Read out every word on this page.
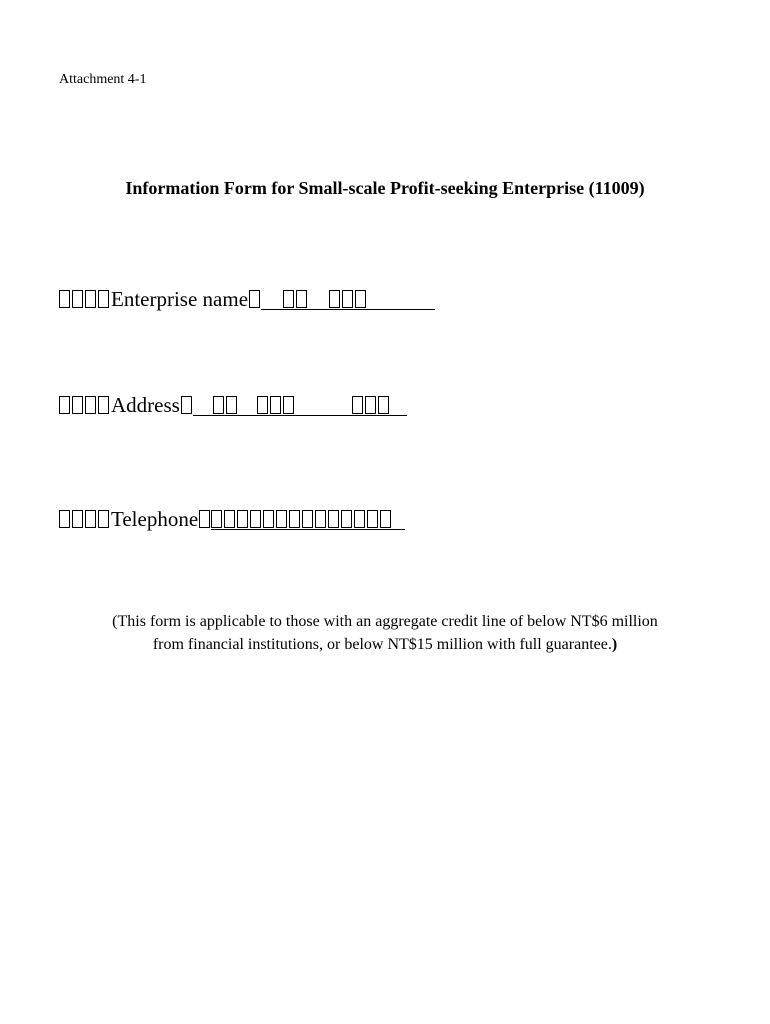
Attachment 4-1
Information Form for Small-scale Profit-seeking Enterprise (11009)
Enterprise name
Address
Telephone
(This form is applicable to those with an aggregate credit line of below NT$6 million
from financial institutions, or below NT$15 million with full guarantee.)
